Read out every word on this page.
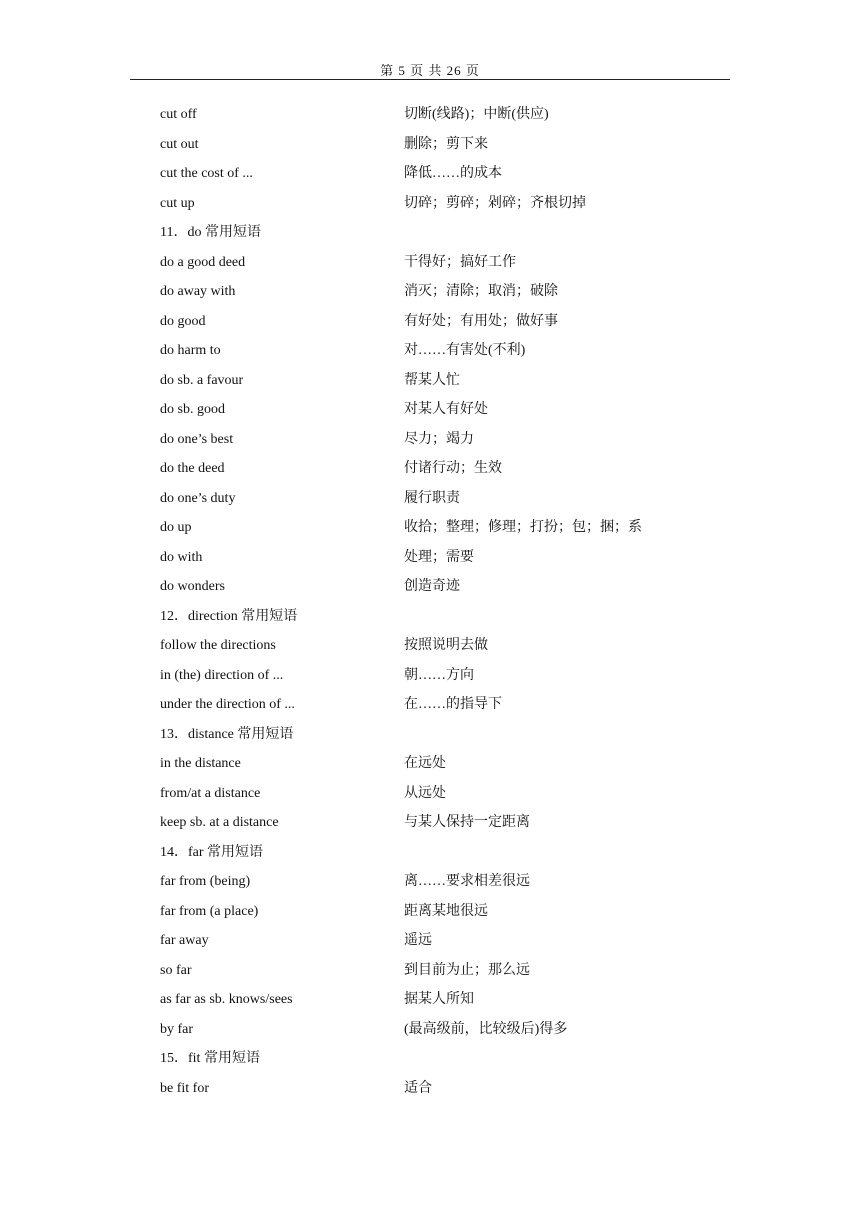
第 5 页 共 26 页
cut off	切断(线路)；中断(供应)
cut out	删除；剪下来
cut the cost of ...	降低……的成本
cut up	切碎；剪碎；剁碎；齐根切掉
11．do 常用短语
do a good deed	干得好；搞好工作
do away with	消灭；清除；取消；破除
do good	有好处；有用处；做好事
do harm to	对……有害处(不利)
do sb. a favour	帮某人忙
do sb. good	对某人有好处
do one’s best	尽力；竭力
do the deed	付诸行动；生效
do one’s duty	履行职责
do up	收拾；整理；修理；打扮；包；捆；系
do with	处理；需要
do wonders	创造奇迹
12．direction 常用短语
follow the directions	按照说明去做
in (the) direction of ...	朝……方向
under the direction of ...	在……的指导下
13．distance 常用短语
in the distance	在远处
from/at a distance	从远处
keep sb. at a distance	与某人保持一定距离
14．far 常用短语
far from (being)	离……要求相差很远
far from (a place)	距离某地很远
far away	遥远
so far	到目前为止；那么远
as far as sb. knows/sees	据某人所知
by far	(最高级前，比较级后)得多
15．fit 常用短语
be fit for	适合
